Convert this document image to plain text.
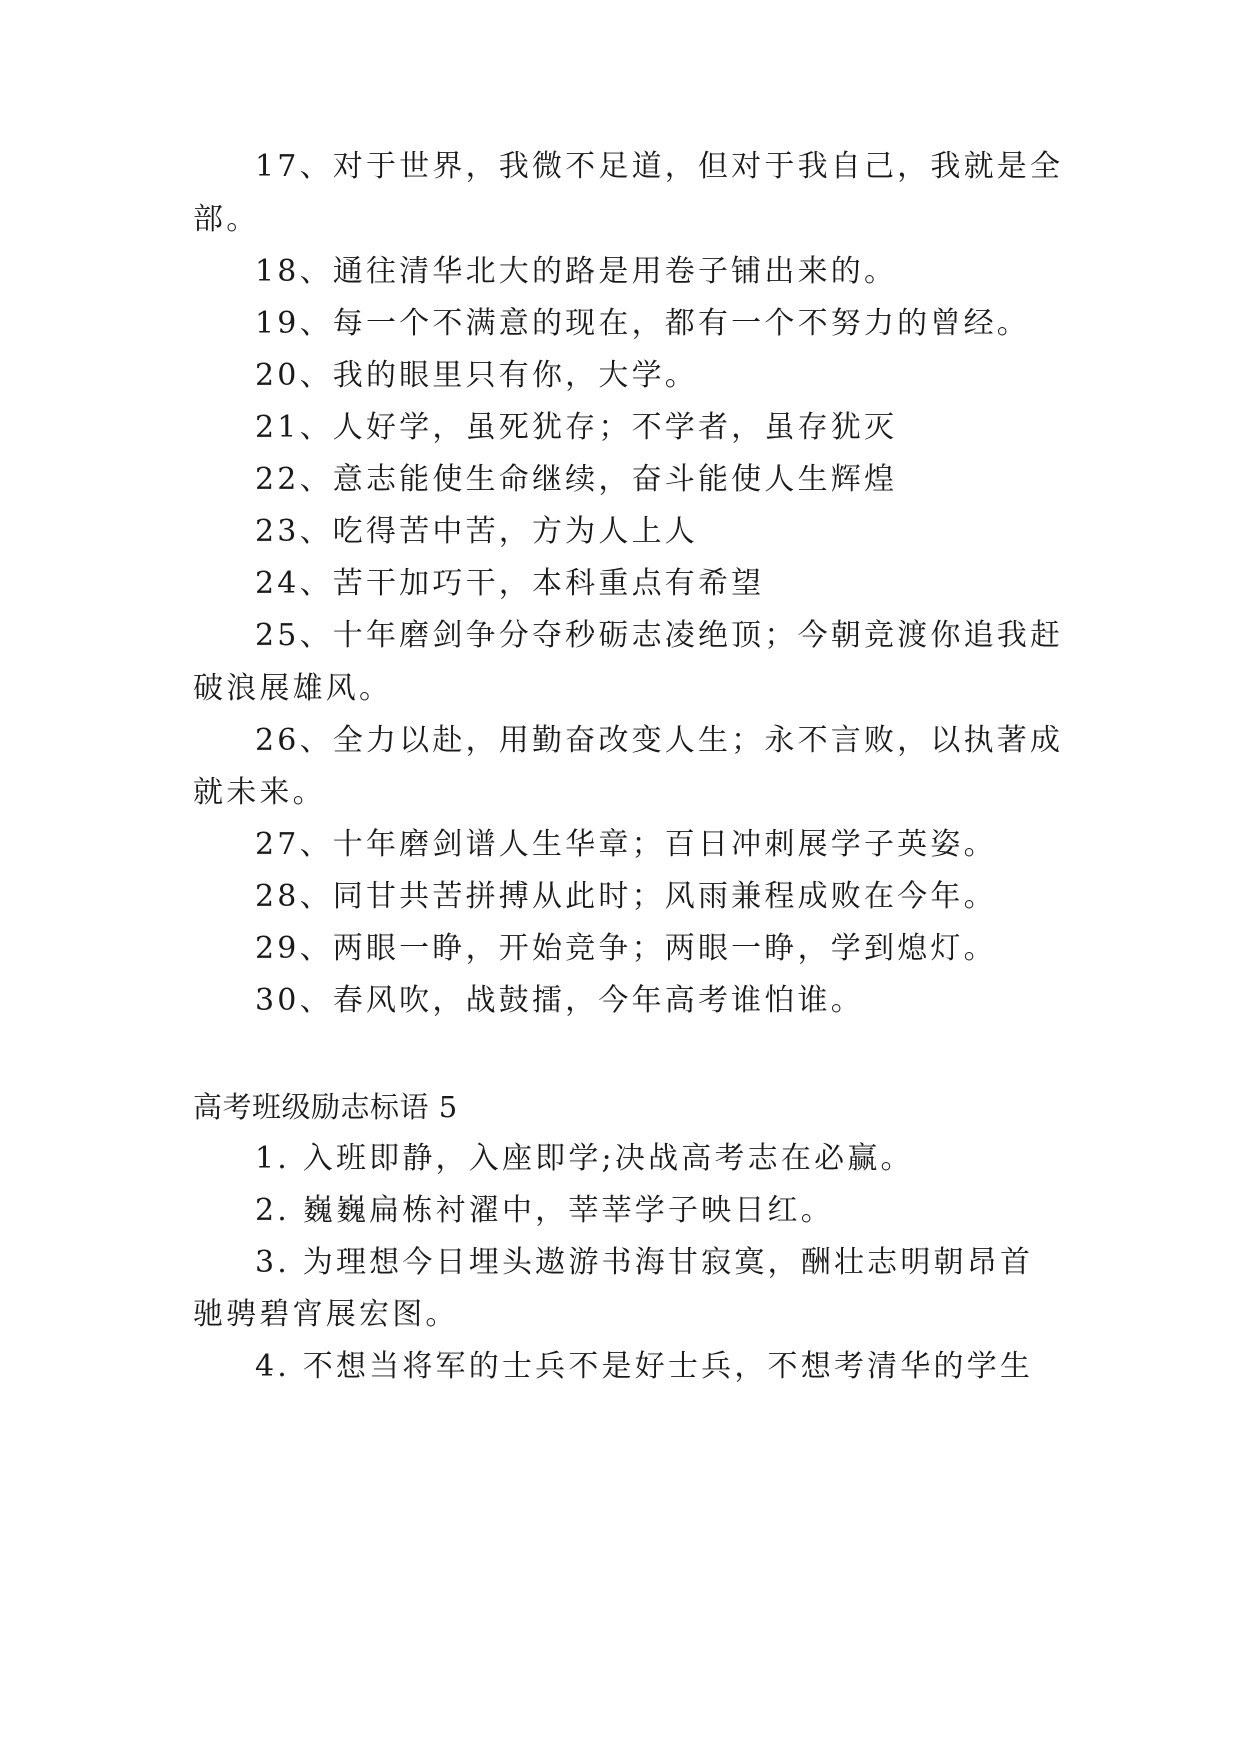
17、对于世界，我微不足道，但对于我自己，我就是全
部。
18、通往清华北大的路是用卷子铺出来的。
19、每一个不满意的现在，都有一个不努力的曾经。
20、我的眼里只有你，大学。
21、人好学，虽死犹存；不学者，虽存犹灭
22、意志能使生命继续，奋斗能使人生辉煌
23、吃得苦中苦，方为人上人
24、苦干加巧干，本科重点有希望
25、十年磨剑争分夺秒砺志凌绝顶；今朝竞渡你追我赶
破浪展雄风。
26、全力以赴，用勤奋改变人生；永不言败，以执著成
就未来。
27、十年磨剑谱人生华章；百日冲刺展学子英姿。
28、同甘共苦拼搏从此时；风雨兼程成败在今年。
29、两眼一睁，开始竞争；两眼一睁，学到熄灯。
30、春风吹，战鼓擂，今年高考谁怕谁。
高考班级励志标语 5
1. 入班即静，入座即学;决战高考志在必赢。
2. 巍巍扁栋衬濯中，莘莘学子映日红。
3. 为理想今日埋头遨游书海甘寂寞，酬壮志明朝昂首
驰骋碧宵展宏图。
4. 不想当将军的士兵不是好士兵，不想考清华的学生
